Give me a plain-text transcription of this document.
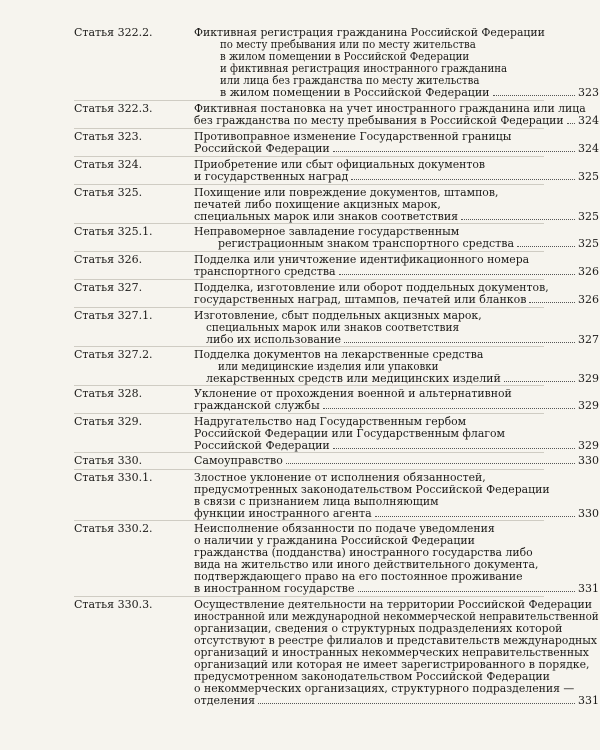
Статья 322.2.	Фиктивная регистрация гражданина Российской Федерации
по месту пребывания или по месту жительства
в жилом помещении в Российской Федерации
и фиктивная регистрация иностранного гражданина
или лица без гражданства по месту жительства
в жилом помещении в Российской Федерации	323
Статья 322.3.	Фиктивная постановка на учет иностранного гражданина или лица
без гражданства по месту пребывания в Российской Федерации 324
Статья 323.	Противоправное изменение Государственной границы
Российской Федерации	324
Статья 324.	Приобретение или сбыт официальных документов
и государственных наград	325
Статья 325.	Похищение или повреждение документов, штампов,
печатей либо похищение акцизных марок,
специальных марок или знаков соответствия	325
Статья 325.1.	Неправомерное завладение государственным
регистрационным знаком транспортного средства	325
Статья 326.	Подделка или уничтожение идентификационного номера
транспортного средства	326
Статья 327.	Подделка, изготовление или оборот поддельных документов,
государственных наград, штампов, печатей или бланков	326
Статья 327.1.	Изготовление, сбыт поддельных акцизных марок,
специальных марок или знаков соответствия
либо их использование	327
Статья 327.2.	Подделка документов на лекарственные средства
или медицинские изделия или упаковки
лекарственных средств или медицинских изделий	329
Статья 328.	Уклонение от прохождения военной и альтернативной
гражданской службы	329
Статья 329.	Надругательство над Государственным гербом
Российской Федерации или Государственным флагом
Российской Федерации	329
Статья 330.	Самоуправство	330
Статья 330.1.	Злостное уклонение от исполнения обязанностей,
предусмотренных законодательством Российской Федерации
в связи с признанием лица выполняющим
функции иностранного агента	330
Статья 330.2.	Неисполнение обязанности по подаче уведомления
о наличии у гражданина Российской Федерации
гражданства (подданства) иностранного государства либо
вида на жительство или иного действительного документа,
подтверждающего право на его постоянное проживание
в иностранном государстве	331
Статья 330.3.	Осуществление деятельности на территории Российской Федерации
иностранной или международной некоммерческой неправительственной
организации, сведения о структурных подразделениях которой
отсутствуют в реестре филиалов и представительств международных
организаций и иностранных некоммерческих неправительственных
организаций или которая не имеет зарегистрированного в порядке,
предусмотренном законодательством Российской Федерации
о некоммерческих организациях, структурного подразделения —
отделения	331
